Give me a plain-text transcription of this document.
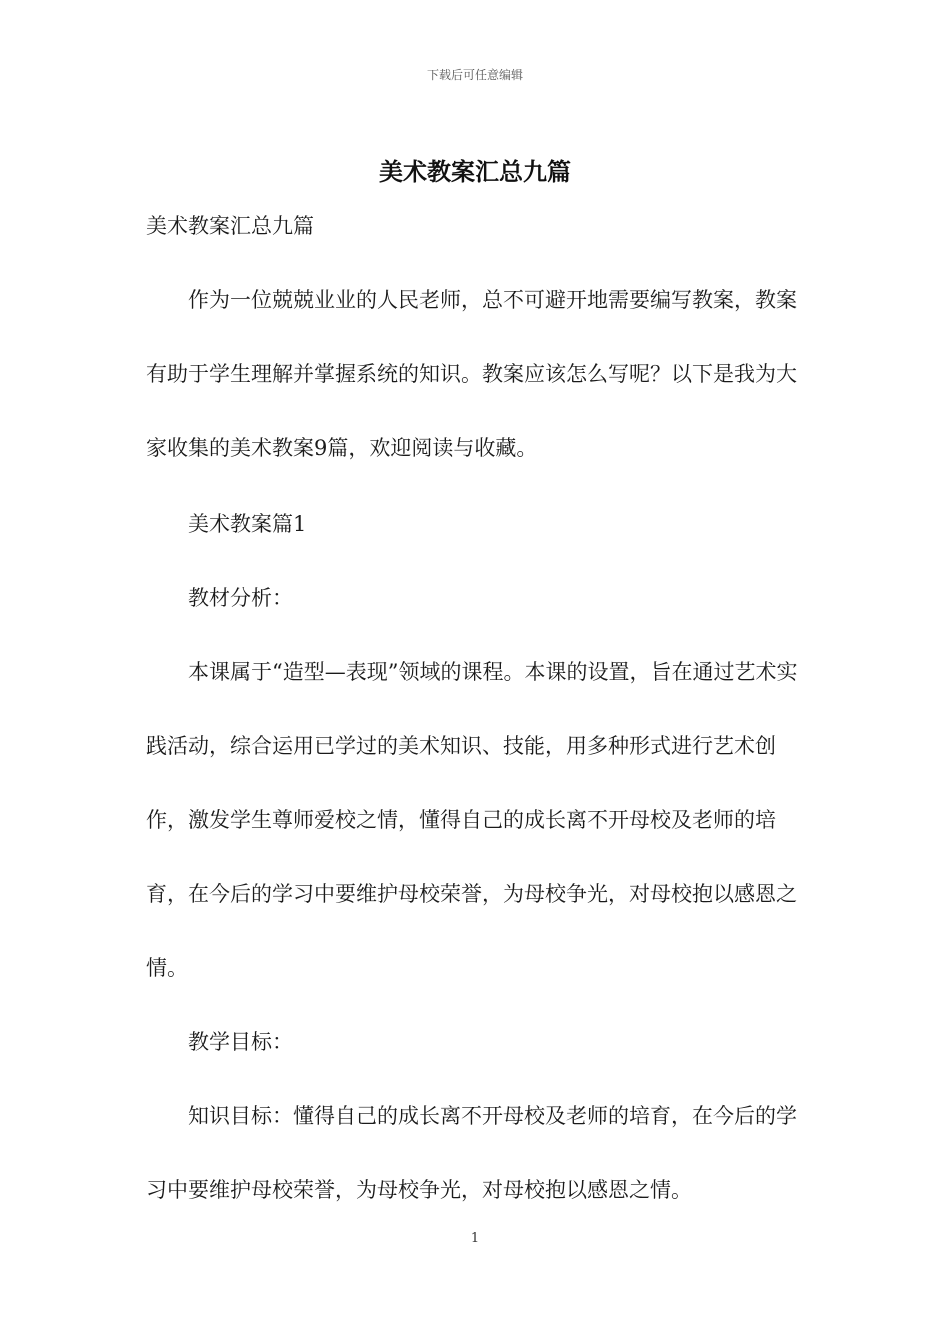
下载后可任意编辑
美术教案汇总九篇

美术教案汇总九篇

作为一位兢兢业业的人民老师，总不可避开地需要编写教案，教案有助于学生理解并掌握系统的知识。教案应该怎么写呢？以下是我为大家收集的美术教案9篇，欢迎阅读与收藏。

美术教案篇1

教材分析：

本课属于“造型—表现”领域的课程。本课的设置，旨在通过艺术实践活动，综合运用已学过的美术知识、技能，用多种形式进行艺术创作，激发学生尊师爱校之情，懂得自己的成长离不开母校及老师的培育，在今后的学习中要维护母校荣誉，为母校争光，对母校抱以感恩之情。

教学目标：

知识目标：懂得自己的成长离不开母校及老师的培育，在今后的学习中要维护母校荣誉，为母校争光，对母校抱以感恩之情。

1
